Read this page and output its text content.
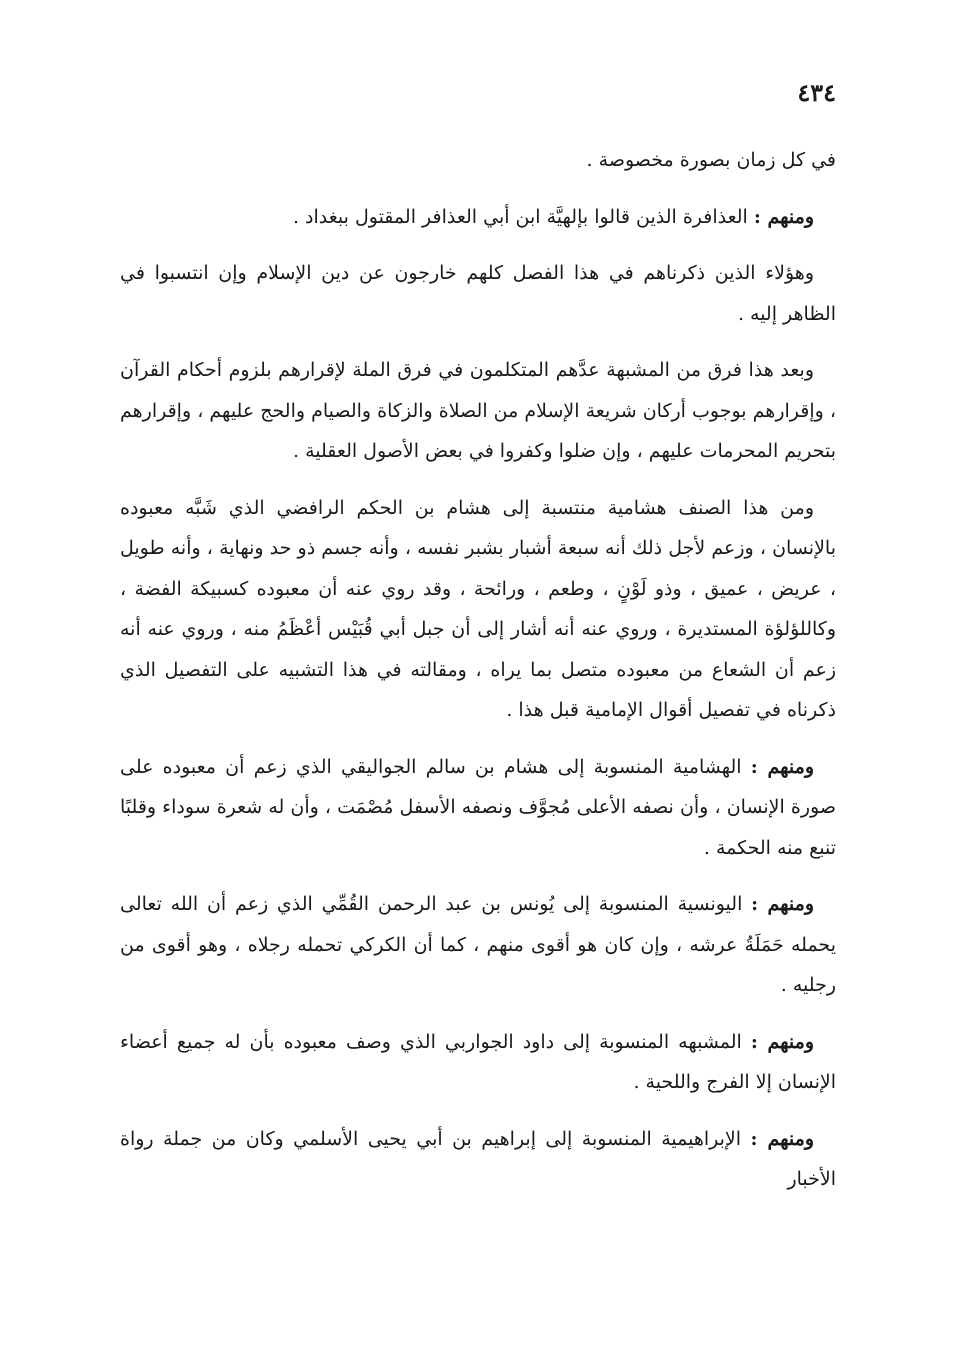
٤٣٤

في كل زمان بصورة مخصوصة .

ومنهم : العذافرة الذين قالوا بإلهيَّة ابن أبي العذافر المقتول ببغداد .

وهؤلاء الذين ذكرناهم في هذا الفصل كلهم خارجون عن دين الإسلام وإن انتسبوا في الظاهر إليه .

وبعد هذا فرق من المشبهة عدَّهم المتكلمون في فرق الملة لإقرارهم بلزوم أحكام القرآن ، وإقرارهم بوجوب أركان شريعة الإسلام من الصلاة والزكاة والصيام والحج عليهم ، وإقرارهم بتحريم المحرمات عليهم ، وإن ضلوا وكفروا في بعض الأصول العقلية .

ومن هذا الصنف هشامية منتسبة إلى هشام بن الحكم الرافضي الذي شَبَّه معبوده بالإنسان ، وزعم لأجل ذلك أنه سبعة أشبار بشبر نفسه ، وأنه جسم ذو حد ونهاية ، وأنه طويل ، عريض ، عميق ، وذو لَوْنٍ ، وطعم ، ورائحة ، وقد روي عنه أن معبوده كسبيكة الفضة ، وكاللؤلؤة المستديرة ، وروي عنه أنه أشار إلى أن جبل أبي قُبَيْس أعْظَمُ منه ، وروي عنه أنه زعم أن الشعاع من معبوده متصل بما يراه ، ومقالته في هذا التشبيه على التفصيل الذي ذكرناه في تفصيل أقوال الإمامية قبل هذا .

ومنهم : الهشامية المنسوبة إلى هشام بن سالم الجواليقي الذي زعم أن معبوده على صورة الإنسان ، وأن نصفه الأعلى مُجوَّف ونصفه الأسفل مُصْمَت ، وأن له شعرة سوداء وقلبًا تنبع منه الحكمة .

ومنهم : اليونسية المنسوبة إلى يُونس بن عبد الرحمن القُمِّي الذي زعم أن الله تعالى يحمله حَمَلَةُ عرشه ، وإن كان هو أقوى منهم ، كما أن الكركي تحمله رجلاه ، وهو أقوى من رجليه .

ومنهم : المشبهه المنسوبة إلى داود الجواربي الذي وصف معبوده بأن له جميع أعضاء الإنسان إلا الفرج واللحية .

ومنهم : الإبراهيمية المنسوبة إلى إبراهيم بن أبي يحيى الأسلمي وكان من جملة رواة الأخبار
